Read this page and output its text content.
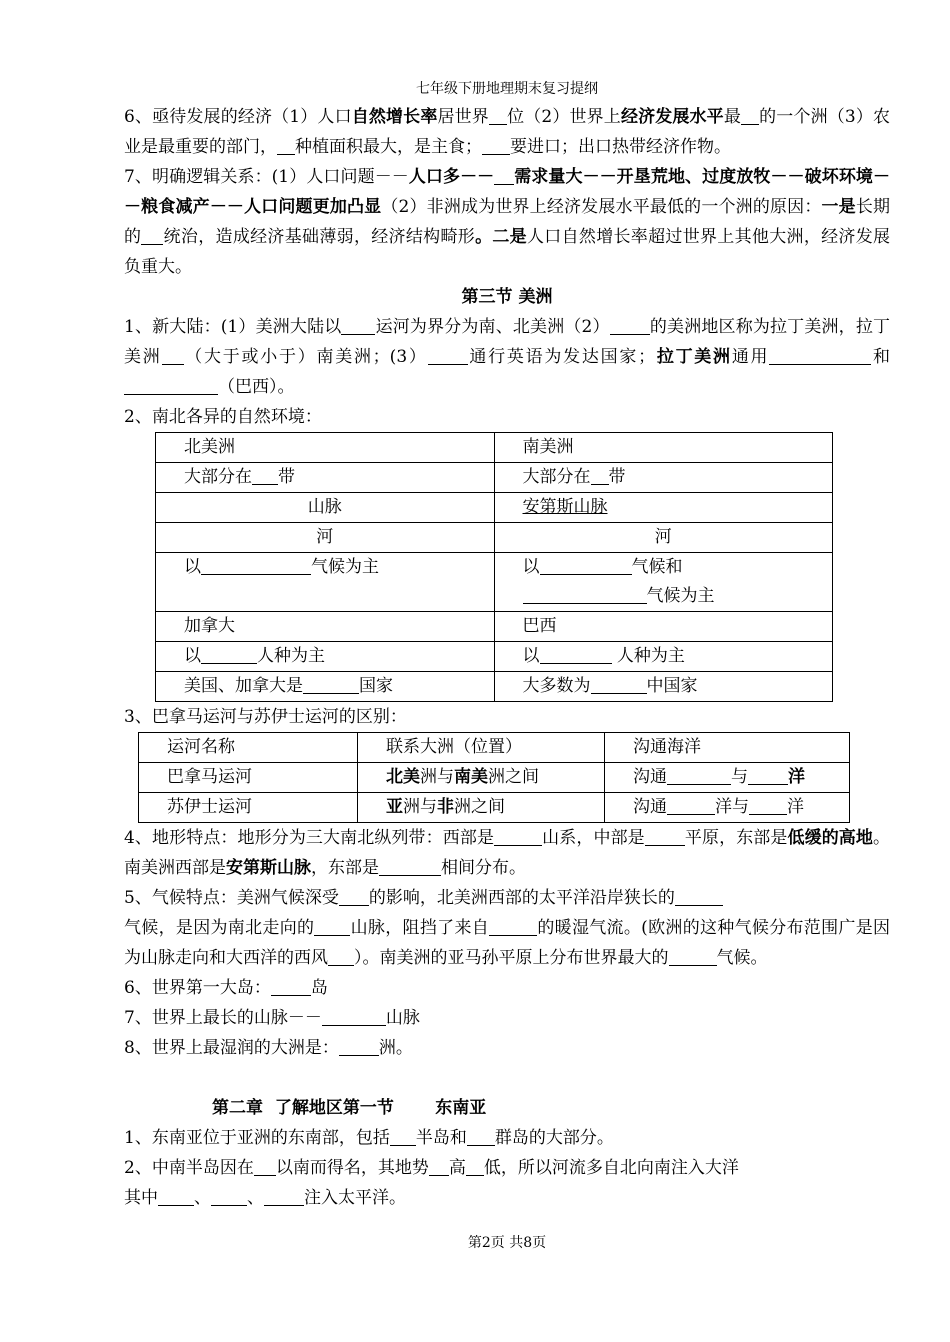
七年级下册地理期末复习提纲

6、亟待发展的经济（1）人口自然增长率居世界 位（2）世界上经济发展水平最 的一个洲（3）农业是最重要的部门， 种植面积最大，是主食； 要进口；出口热带经济作物。

7、明确逻辑关系：(1）人口问题－－人口多－－ 需求量大－－开垦荒地、过度放牧－－破坏环境－－粮食减产－－人口问题更加凸显（2）非洲成为世界上经济发展水平最低的一个洲的原因：一是长期的 统治，造成经济基础薄弱，经济结构畸形。二是人口自然增长率超过世界上其他大洲，经济发展负重大。

第三节 美洲

1、新大陆：(1）美洲大陆以 运河为界分为南、北美洲（2） 的美洲地区称为拉丁美洲，拉丁美洲 （大于或小于）南美洲；(3） 通行英语为发达国家；拉丁美洲通用	和（巴西）。

2、南北各异的自然环境：

北美洲	南美洲
大部分在 带	大部分在 带
山脉	安第斯山脉
河	河
以 气候为主	以 气候和
气候为主
加拿大	巴西
以 人种为主	以 人种为主
美国、加拿大是 国家	大多数为 中国家

3、巴拿马运河与苏伊士运河的区别：

运河名称	联系大洲（位置）	沟通海洋
巴拿马运河	北美洲与南美洲之间	沟通 与 洋
苏伊士运河	亚洲与非洲之间	沟通 洋与 洋

4、地形特点：地形分为三大南北纵列带：西部是	山系，中部是 平原，东部是低缓的高地。南美洲西部是安第斯山脉，东部是	相间分布。

5、气候特点：美洲气候深受 的影响，北美洲西部的太平洋沿岸狭长的
气候，是因为南北走向的 山脉，阻挡了来自	的暖湿气流。(欧洲的这种气候分布范围广是因为山脉走向和大西洋的西风 ）。南美洲的亚马孙平原上分布世界最大的	气候。

6、世界第一大岛： 岛

7、世界上最长的山脉－－	山脉

8、世界上最湿润的大洲是： 洲。

第二章  了解地区第一节       东南亚

1、东南亚位于亚洲的东南部，包括 半岛和 群岛的大部分。

2、中南半岛因在 以南而得名，其地势 高 低，所以河流多自北向南注入大洋
其中 、 、 注入太平洋。

第2页 共8页
